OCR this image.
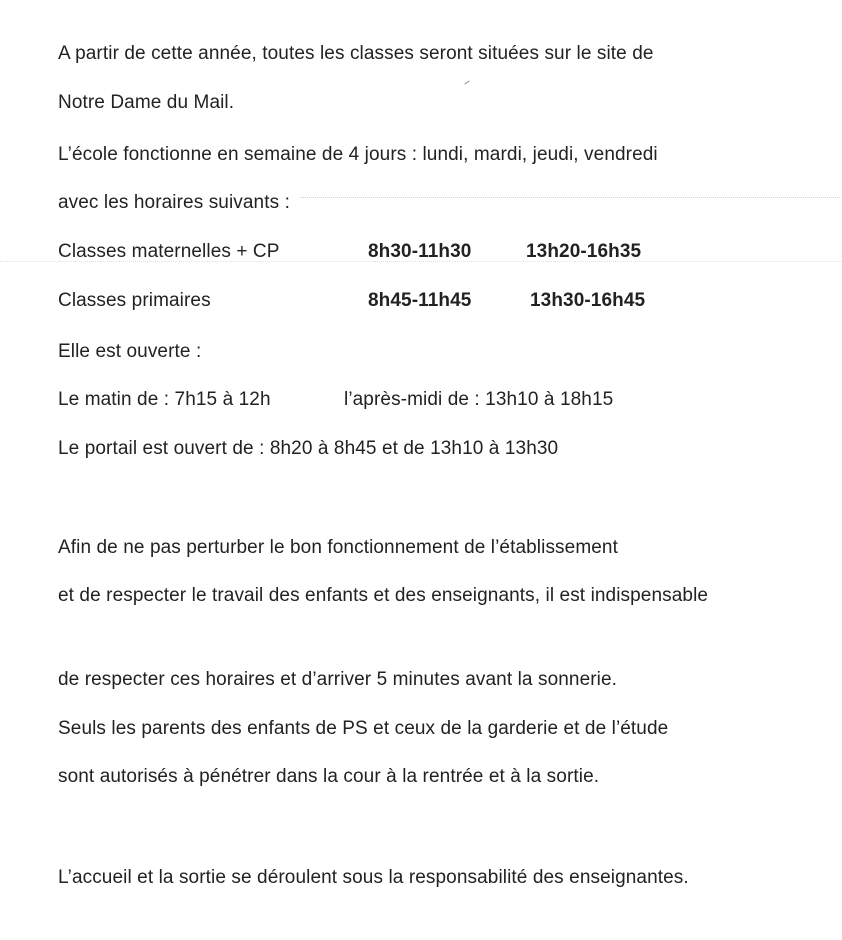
A partir de cette année, toutes les classes seront situées sur le site de
Notre Dame du Mail.
L’école fonctionne en semaine de 4 jours : lundi, mardi, jeudi, vendredi
avec les horaires suivants :
Classes maternelles + CP	8h30-11h30	13h20-16h35
Classes primaires	8h45-11h45	13h30-16h45
Elle est ouverte :
Le matin de : 7h15 à 12h	l’après-midi de : 13h10 à 18h15
Le portail est ouvert de : 8h20 à 8h45 et de 13h10 à 13h30
Afin de ne pas perturber le bon fonctionnement de l’établissement
et de respecter le travail des enfants et des enseignants, il est indispensable
de respecter ces horaires et d’arriver 5 minutes avant la sonnerie.
Seuls les parents des enfants de PS et ceux de la garderie et de l’étude
sont autorisés à pénétrer dans la cour à la rentrée et à la sortie.
L’accueil et la sortie se déroulent sous la responsabilité des enseignantes.
